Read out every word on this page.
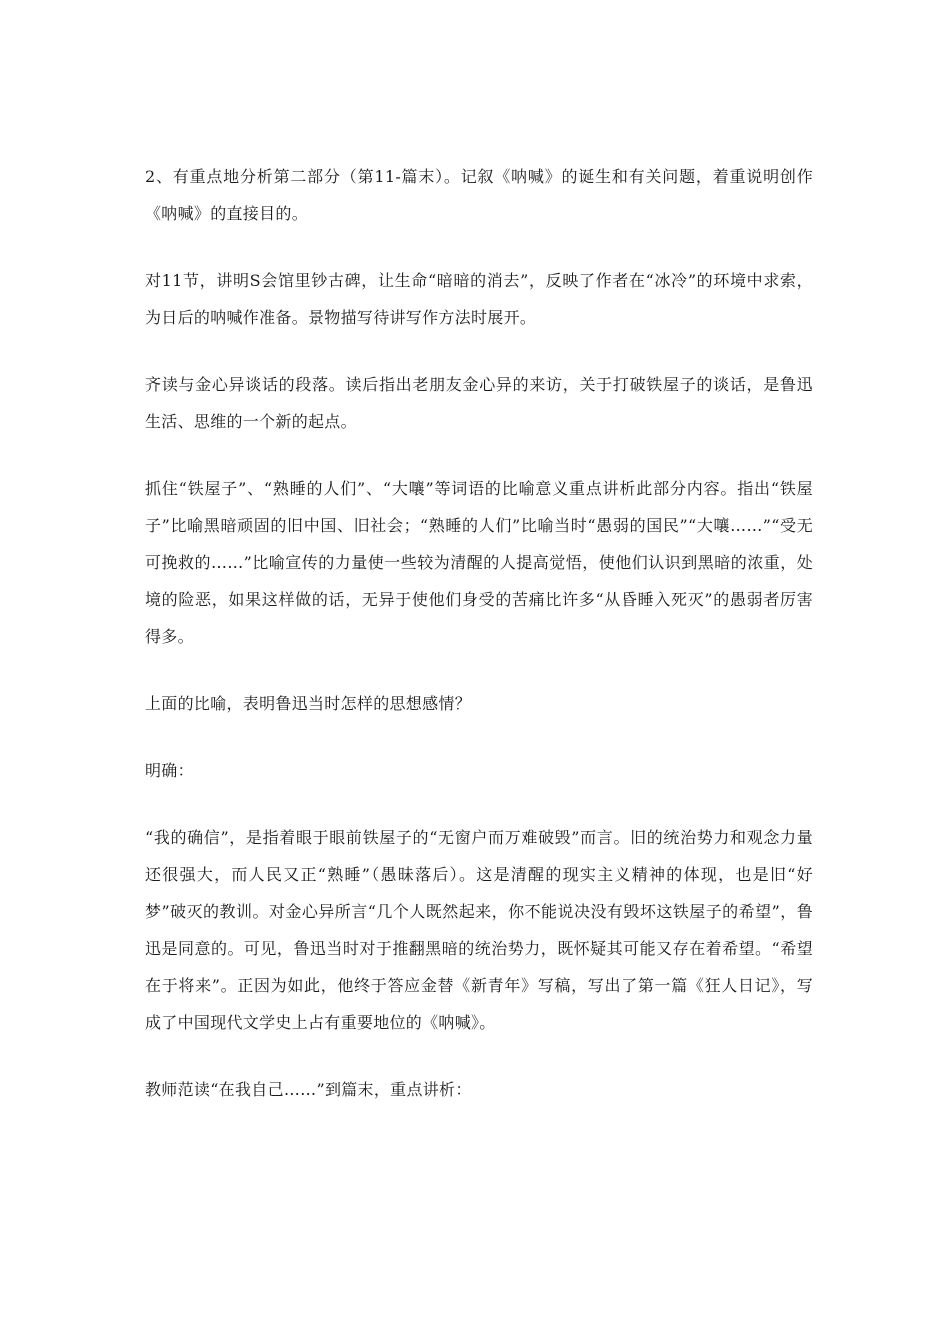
2、有重点地分析第二部分（第11-篇末）。记叙《呐喊》的诞生和有关问题，着重说明创作《呐喊》的直接目的。

对11节，讲明S会馆里钞古碑，让生命“暗暗的消去”，反映了作者在“冰冷”的环境中求索，为日后的呐喊作准备。景物描写待讲写作方法时展开。

齐读与金心异谈话的段落。读后指出老朋友金心异的来访，关于打破铁屋子的谈话，是鲁迅生活、思维的一个新的起点。

抓住“铁屋子”、“熟睡的人们”、“大嚷”等词语的比喻意义重点讲析此部分内容。指出“铁屋子”比喻黑暗顽固的旧中国、旧社会；“熟睡的人们”比喻当时“愚弱的国民”“大嚷……”“受无可挽救的……”比喻宣传的力量使一些较为清醒的人提高觉悟，使他们认识到黑暗的浓重，处境的险恶，如果这样做的话，无异于使他们身受的苦痛比许多“从昏睡入死灭”的愚弱者厉害得多。

上面的比喻，表明鲁迅当时怎样的思想感情？

明确：

“我的确信”，是指着眼于眼前铁屋子的“无窗户而万难破毁”而言。旧的统治势力和观念力量还很强大，而人民又正“熟睡”（愚昧落后）。这是清醒的现实主义精神的体现，也是旧“好梦”破灭的教训。对金心异所言“几个人既然起来，你不能说决没有毁坏这铁屋子的希望”，鲁迅是同意的。可见，鲁迅当时对于推翻黑暗的统治势力，既怀疑其可能又存在着希望。“希望在于将来”。正因为如此，他终于答应金替《新青年》写稿，写出了第一篇《狂人日记》，写成了中国现代文学史上占有重要地位的《呐喊》。

教师范读“在我自己……”到篇末，重点讲析：
